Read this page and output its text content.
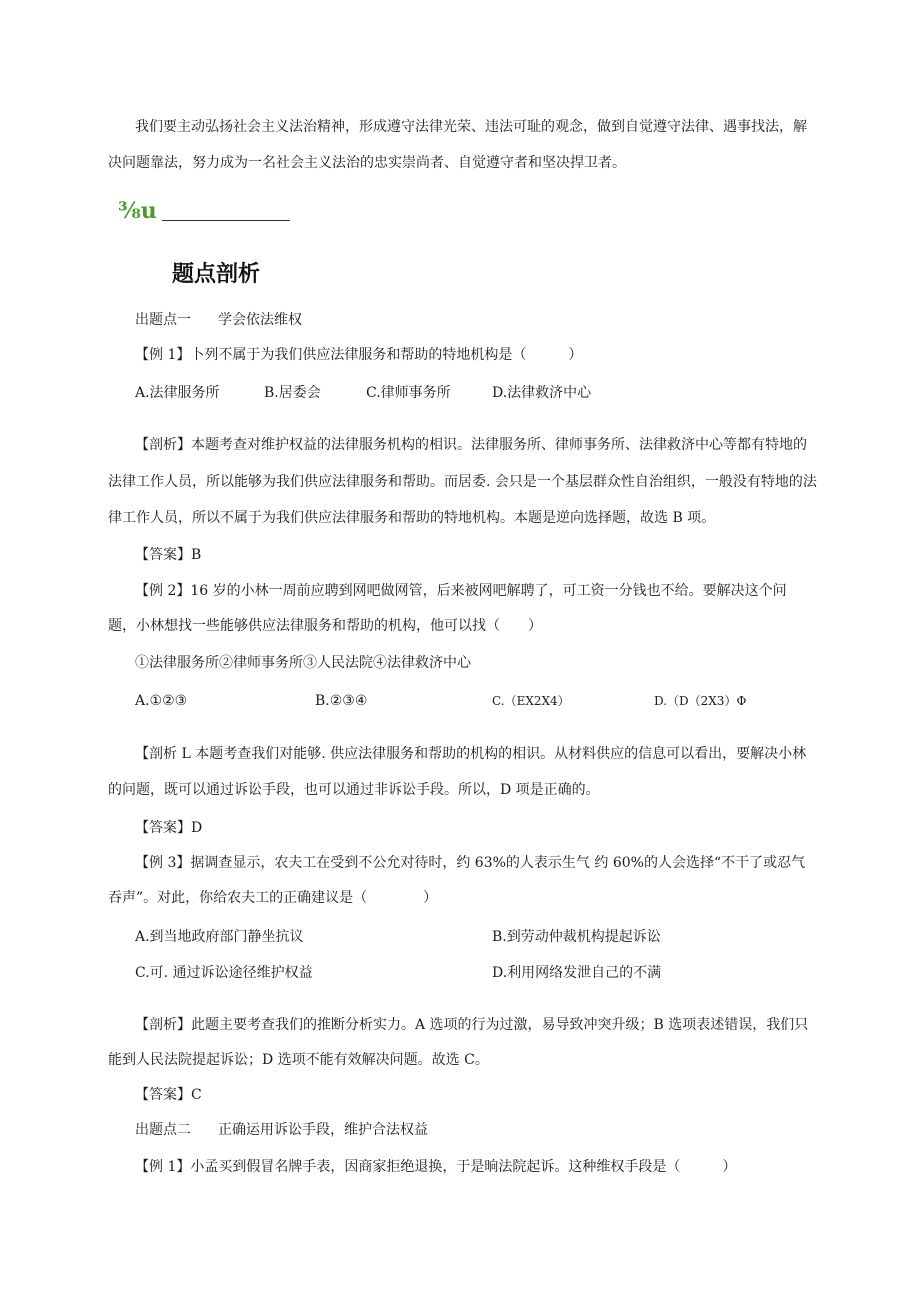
我们要主动弘扬社会主义法治精神，形成遵守法律光荣、违法可耻的观念，做到自觉遵守法律、遇事找法，解
决问题靠法，努力成为一名社会主义法治的忠实崇尚者、自觉遵守者和坚决捍卫者。
⅜u
题点剖析
出题点一 学会依法维权
【例 1】卜列不属于为我们供应法律服务和帮助的特地机构是（　　　）
A.法律服务所	B.居委会	C.律师事务所	D.法律救济中心
【剖析】本题考查对维护权益的法律服务机构的相识。法律服务所、律师事务所、法律救济中心等都有特地的
法律工作人员，所以能够为我们供应法律服务和帮助。而居委. 会只是一个基层群众性自治组织，一般没有特地的法
律工作人员，所以不属于为我们供应法律服务和帮助的特地机构。本题是逆向选择题，故选 B 项。
【答案】B
【例 2】16 岁的小林一周前应聘到网吧做网管，后来被网吧解聘了，可工资一分钱也不给。要解决这个问
题，小林想找一些能够供应法律服务和帮助的机构，他可以找（　　）
①法律服务所②律师事务所③人民法院④法律救济中心
A.①②③	B.②③④	C.（EX2X4）	D.（D（2X3）Φ
【剖析 L 本题考查我们对能够. 供应法律服务和帮助的机构的相识。从材料供应的信息可以看出，要解决小林
的问题，既可以通过诉讼手段，也可以通过非诉讼手段。所以，D 项是正确的。
【答案】D
【例 3】据调查显示，农夫工在受到不公允对待时，约 63%的人表示生气 约 60%的人会选择“不干了或忍气
吞声”。对此，你给农夫工的正确建议是（　　　　）
A.到当地政府部门静坐抗议	B.到劳动仲裁机构提起诉讼
C.可. 通过诉讼途径维护权益	D.利用网络发泄自己的不满
【剖析】此题主要考查我们的推断分析实力。A 选项的行为过激，易导致冲突升级；B 选项表述错误，我们只
能到人民法院提起诉讼；D 选项不能有效解决问题。故选 C。
【答案】C
出题点二 正确运用诉讼手段，维护合法权益
【例 1】小孟买到假冒名牌手表，因商家拒绝退换，于是晌法院起诉。这种维权手段是（　　　）
